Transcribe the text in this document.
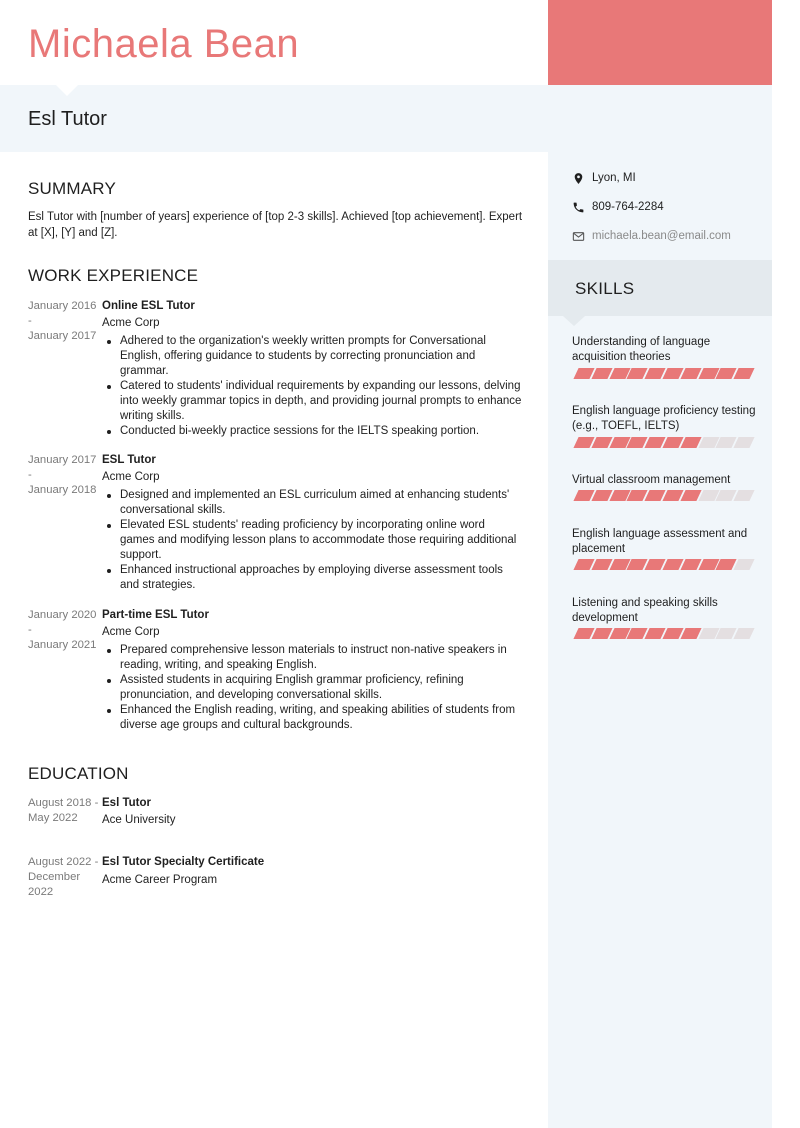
Michaela Bean
Esl Tutor
Lyon, MI
809-764-2284
michaela.bean@email.com
SKILLS
Understanding of language acquisition theories
English language proficiency testing (e.g., TOEFL, IELTS)
Virtual classroom management
English language assessment and placement
Listening and speaking skills development
SUMMARY
Esl Tutor with [number of years] experience of [top 2-3 skills]. Achieved [top achievement]. Expert at [X], [Y] and [Z].
WORK EXPERIENCE
January 2016
-
January 2017
Online ESL Tutor
Acme Corp
Adhered to the organization's weekly written prompts for Conversational English, offering guidance to students by correcting pronunciation and grammar.
Catered to students' individual requirements by expanding our lessons, delving into weekly grammar topics in depth, and providing journal prompts to enhance writing skills.
Conducted bi-weekly practice sessions for the IELTS speaking portion.
January 2017
-
January 2018
ESL Tutor
Acme Corp
Designed and implemented an ESL curriculum aimed at enhancing students' conversational skills.
Elevated ESL students' reading proficiency by incorporating online word games and modifying lesson plans to accommodate those requiring additional support.
Enhanced instructional approaches by employing diverse assessment tools and strategies.
January 2020
-
January 2021
Part-time ESL Tutor
Acme Corp
Prepared comprehensive lesson materials to instruct non-native speakers in reading, writing, and speaking English.
Assisted students in acquiring English grammar proficiency, refining pronunciation, and developing conversational skills.
Enhanced the English reading, writing, and speaking abilities of students from diverse age groups and cultural backgrounds.
EDUCATION
August 2018 -
May 2022
Esl Tutor
Ace University
August 2022 -
December 2022
Esl Tutor Specialty Certificate
Acme Career Program
